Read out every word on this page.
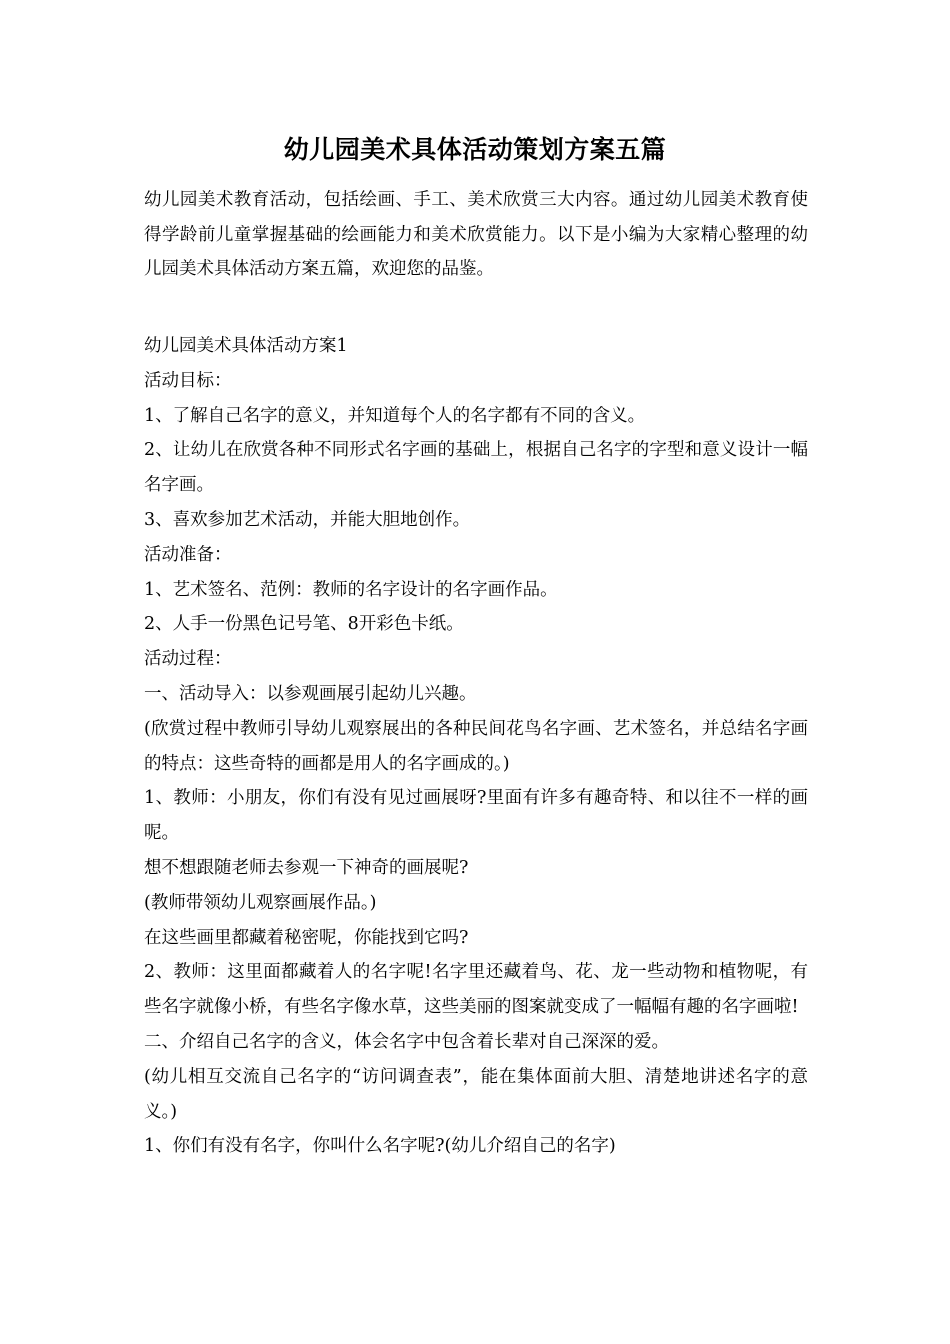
幼儿园美术具体活动策划方案五篇
幼儿园美术教育活动，包括绘画、手工、美术欣赏三大内容。通过幼儿园美术教育使得学龄前儿童掌握基础的绘画能力和美术欣赏能力。以下是小编为大家精心整理的幼儿园美术具体活动方案五篇，欢迎您的品鉴。

幼儿园美术具体活动方案1

活动目标：

1、了解自己名字的意义，并知道每个人的名字都有不同的含义。

2、让幼儿在欣赏各种不同形式名字画的基础上，根据自己名字的字型和意义设计一幅名字画。

3、喜欢参加艺术活动，并能大胆地创作。

活动准备：

1、艺术签名、范例：教师的名字设计的名字画作品。

2、人手一份黑色记号笔、8开彩色卡纸。

活动过程：

一、活动导入：以参观画展引起幼儿兴趣。

(欣赏过程中教师引导幼儿观察展出的各种民间花鸟名字画、艺术签名，并总结名字画的特点：这些奇特的画都是用人的名字画成的。)

1、教师：小朋友，你们有没有见过画展呀?里面有许多有趣奇特、和以往不一样的画呢。

想不想跟随老师去参观一下神奇的画展呢?

(教师带领幼儿观察画展作品。)

在这些画里都藏着秘密呢，你能找到它吗?

2、教师：这里面都藏着人的名字呢!名字里还藏着鸟、花、龙一些动物和植物呢，有些名字就像小桥，有些名字像水草，这些美丽的图案就变成了一幅幅有趣的名字画啦!

二、介绍自己名字的含义，体会名字中包含着长辈对自己深深的爱。

(幼儿相互交流自己名字的“访问调查表”，能在集体面前大胆、清楚地讲述名字的意义。)

1、你们有没有名字，你叫什么名字呢?(幼儿介绍自己的名字)
